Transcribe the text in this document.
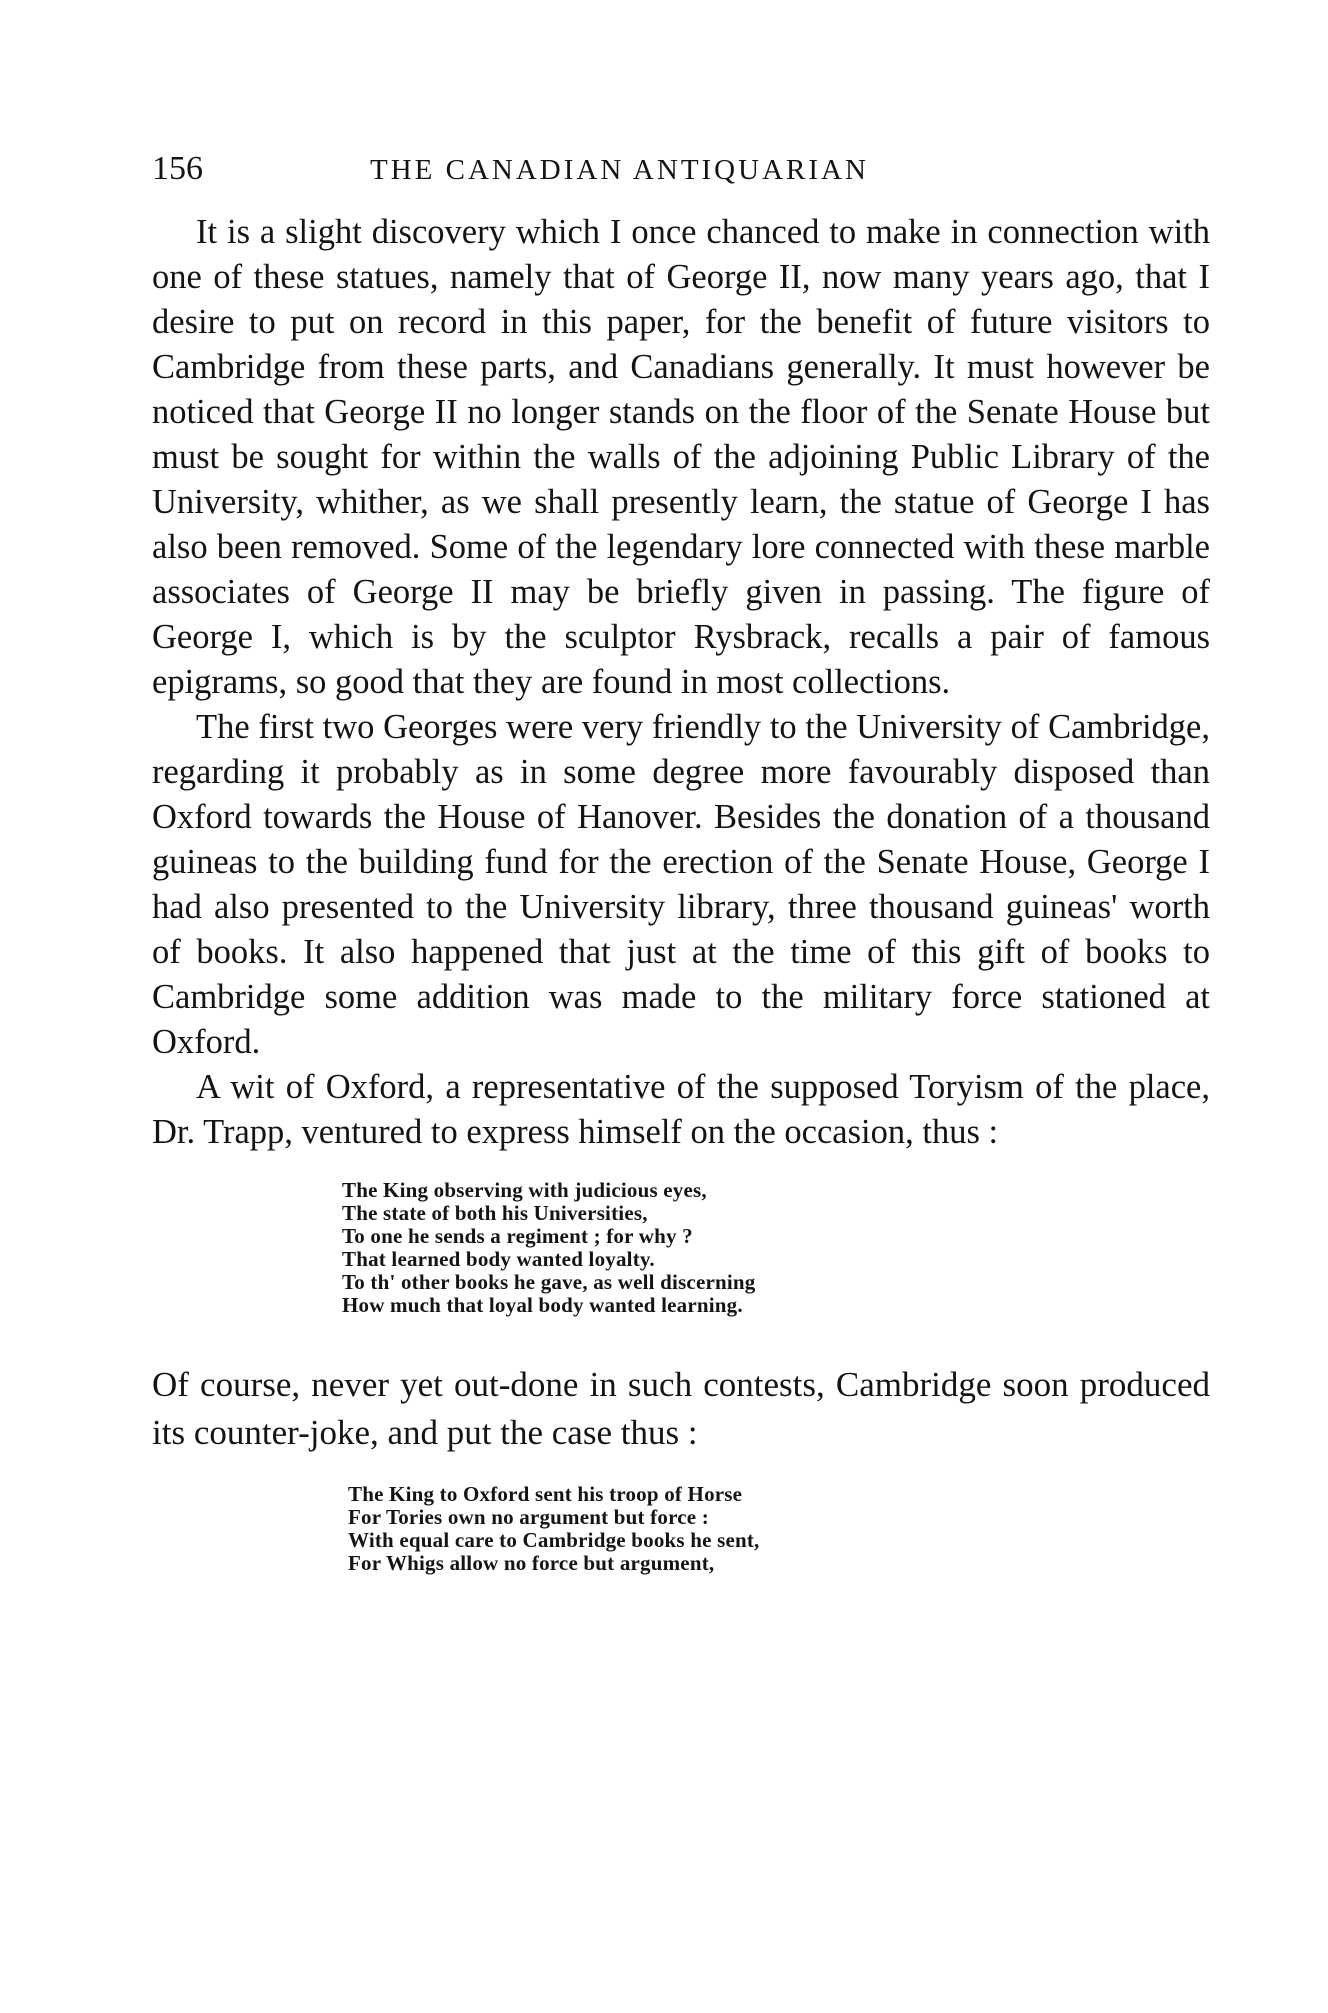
156	THE CANADIAN ANTIQUARIAN

It is a slight discovery which I once chanced to make in connection with one of these statues, namely that of George II, now many years ago, that I desire to put on record in this paper, for the benefit of future visitors to Cambridge from these parts, and Canadians generally. It must however be noticed that George II no longer stands on the floor of the Senate House but must be sought for within the walls of the adjoining Public Library of the University, whither, as we shall presently learn, the statue of George I has also been removed. Some of the legendary lore connected with these marble associates of George II may be briefly given in passing. The figure of George I, which is by the sculptor Rysbrack, recalls a pair of famous epigrams, so good that they are found in most collections.

The first two Georges were very friendly to the University of Cambridge, regarding it probably as in some degree more favourably disposed than Oxford towards the House of Hanover. Besides the donation of a thousand guineas to the building fund for the erection of the Senate House, George I had also presented to the University library, three thousand guineas' worth of books. It also happened that just at the time of this gift of books to Cambridge some addition was made to the military force stationed at Oxford.

A wit of Oxford, a representative of the supposed Toryism of the place, Dr. Trapp, ventured to express himself on the occasion, thus :

The King observing with judicious eyes,
The state of both his Universities,
To one he sends a regiment ; for why ?
That learned body wanted loyalty.
To th' other books he gave, as well discerning
How much that loyal body wanted learning.

Of course, never yet out-done in such contests, Cambridge soon produced its counter-joke, and put the case thus :

The King to Oxford sent his troop of Horse
For Tories own no argument but force :
With equal care to Cambridge books he sent,
For Whigs allow no force but argument,
